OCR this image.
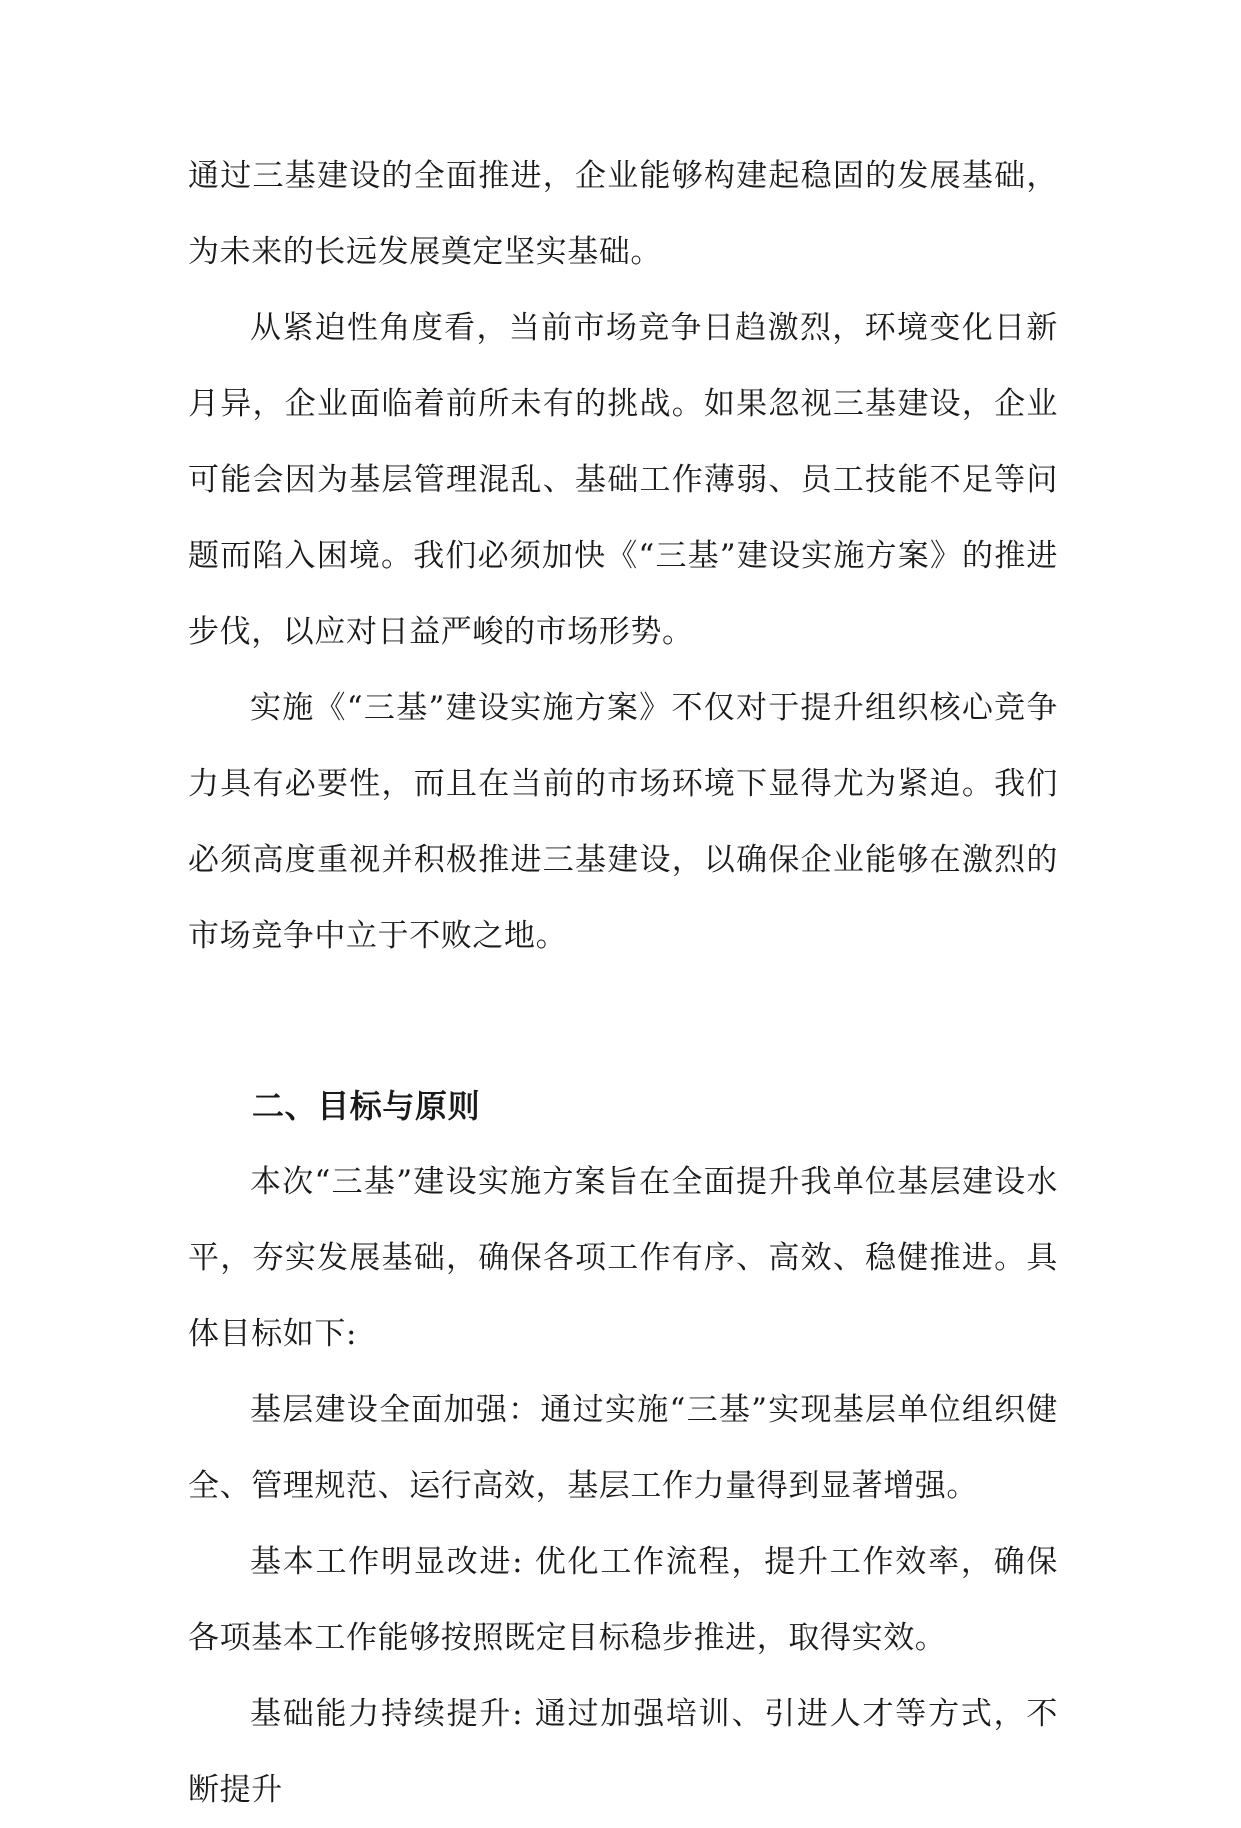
通过三基建设的全面推进，企业能够构建起稳固的发展基础，为未来的长远发展奠定坚实基础。

从紧迫性角度看，当前市场竞争日趋激烈，环境变化日新月异，企业面临着前所未有的挑战。如果忽视三基建设，企业可能会因为基层管理混乱、基础工作薄弱、员工技能不足等问题而陷入困境。我们必须加快《“三基”建设实施方案》的推进步伐，以应对日益严峻的市场形势。

实施《“三基”建设实施方案》不仅对于提升组织核心竞争力具有必要性，而且在当前的市场环境下显得尤为紧迫。我们必须高度重视并积极推进三基建设，以确保企业能够在激烈的市场竞争中立于不败之地。

二、目标与原则

本次“三基”建设实施方案旨在全面提升我单位基层建设水平，夯实发展基础，确保各项工作有序、高效、稳健推进。具体目标如下:

基层建设全面加强：通过实施“三基”实现基层单位组织健全、管理规范、运行高效，基层工作力量得到显著增强。

基本工作明显改进: 优化工作流程，提升工作效率，确保各项基本工作能够按照既定目标稳步推进，取得实效。

基础能力持续提升: 通过加强培训、引进人才等方式，不断提升
